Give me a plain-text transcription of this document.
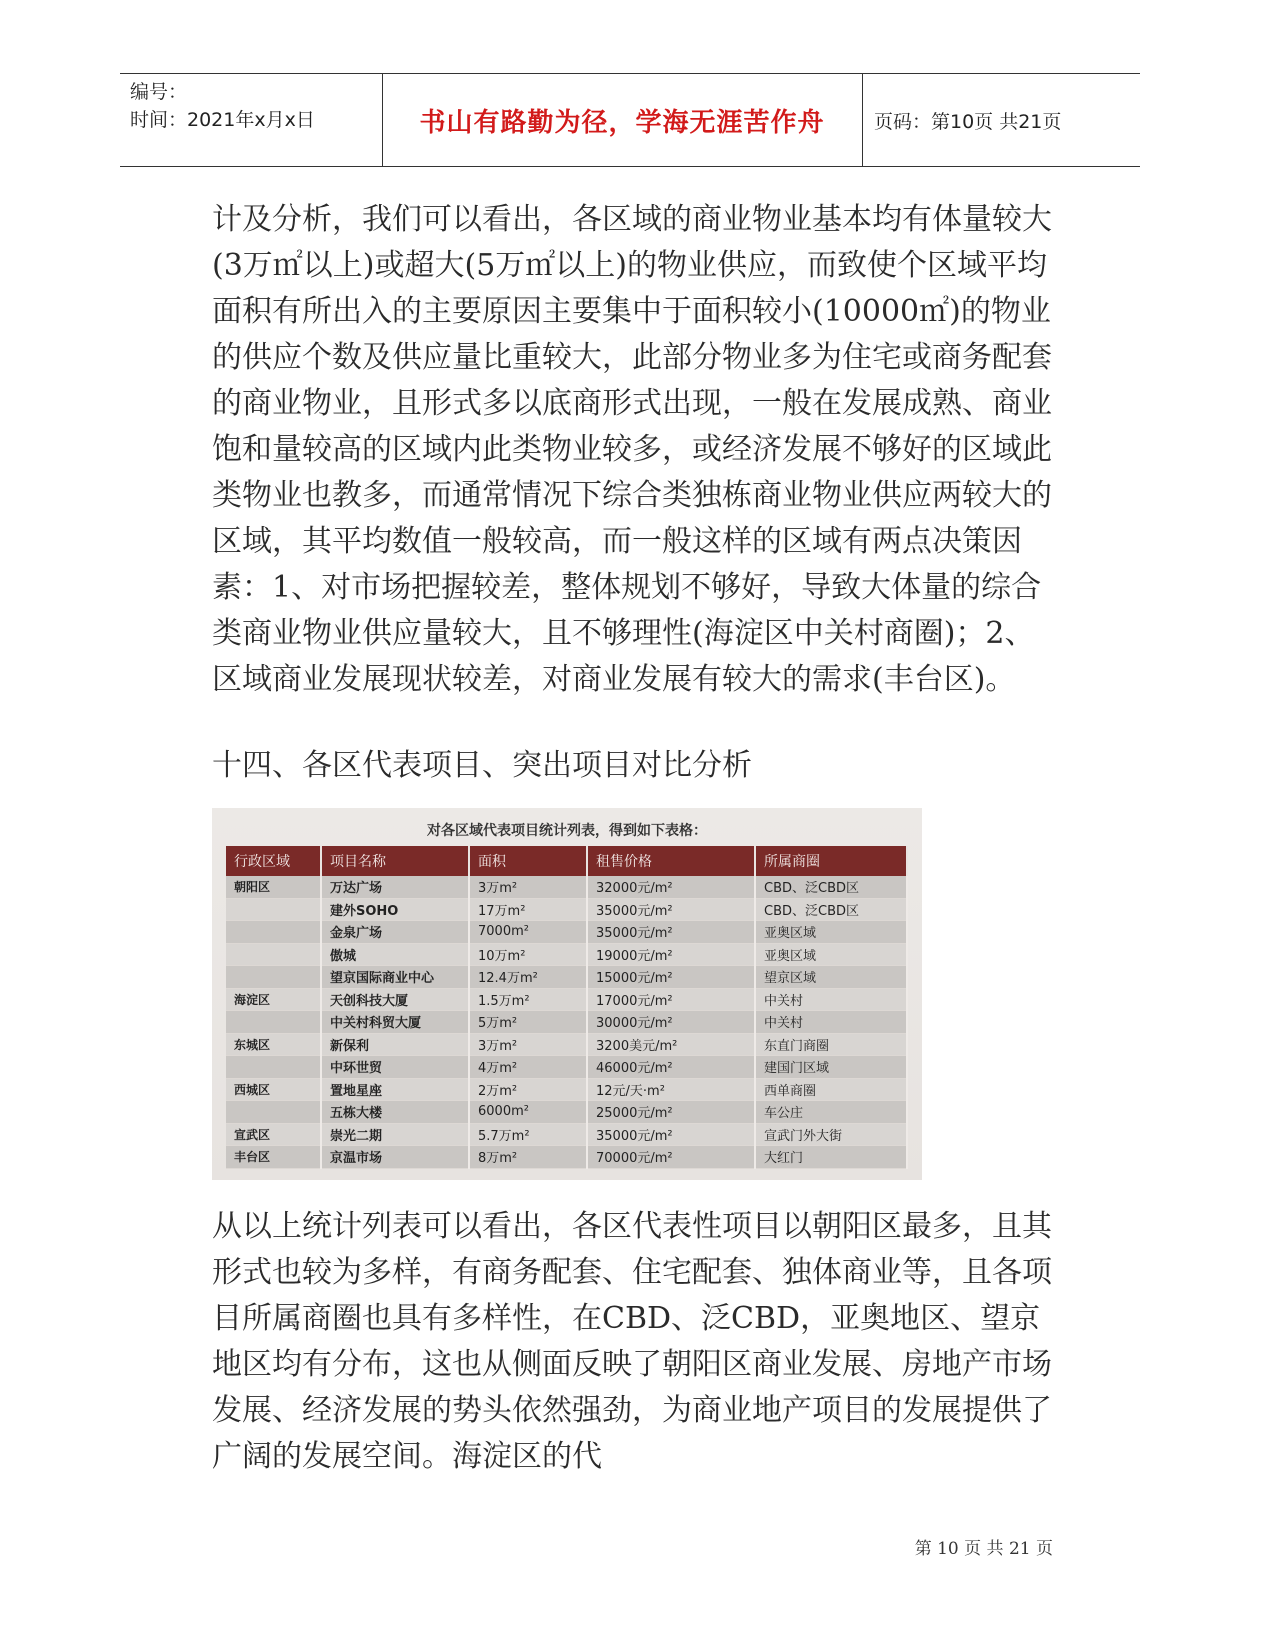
编号：
时间：2021年x月x日	书山有路勤为径，学海无涯苦作舟	页码：第10页 共21页

计及分析，我们可以看出，各区域的商业物业基本均有体量较大(3万㎡以上)或超大(5万㎡以上)的物业供应，而致使个区域平均面积有所出入的主要原因主要集中于面积较小(10000㎡)的物业的供应个数及供应量比重较大，此部分物业多为住宅或商务配套的商业物业，且形式多以底商形式出现，一般在发展成熟、商业饱和量较高的区域内此类物业较多，或经济发展不够好的区域此类物业也教多，而通常情况下综合类独栋商业物业供应两较大的区域，其平均数值一般较高，而一般这样的区域有两点决策因素：1、对市场把握较差，整体规划不够好，导致大体量的综合类商业物业供应量较大，且不够理性(海淀区中关村商圈)；2、区域商业发展现状较差，对商业发展有较大的需求(丰台区)。

十四、各区代表项目、突出项目对比分析

对各区域代表项目统计列表，得到如下表格：
行政区域	项目名称	面积	租售价格	所属商圈
朝阳区	万达广场	3万m²	32000元/m²	CBD、泛CBD区
	建外SOHO	17万m²	35000元/m²	CBD、泛CBD区
	金泉广场	7000m²	35000元/m²	亚奥区域
	傲城	10万m²	19000元/m²	亚奥区域
	望京国际商业中心	12.4万m²	15000元/m²	望京区域
海淀区	天创科技大厦	1.5万m²	17000元/m²	中关村
	中关村科贸大厦	5万m²	30000元/m²	中关村
东城区	新保利	3万m²	3200美元/m²	东直门商圈
	中环世贸	4万m²	46000元/m²	建国门区域
西城区	置地星座	2万m²	12元/天·m²	西单商圈
	五栋大楼	6000m²	25000元/m²	车公庄
宣武区	崇光二期	5.7万m²	35000元/m²	宣武门外大街
丰台区	京温市场	8万m²	70000元/m²	大红门

从以上统计列表可以看出，各区代表性项目以朝阳区最多，且其形式也较为多样，有商务配套、住宅配套、独体商业等，且各项目所属商圈也具有多样性，在CBD、泛CBD，亚奥地区、望京地区均有分布，这也从侧面反映了朝阳区商业发展、房地产市场发展、经济发展的势头依然强劲，为商业地产项目的发展提供了广阔的发展空间。海淀区的代

第 10 页 共 21 页
